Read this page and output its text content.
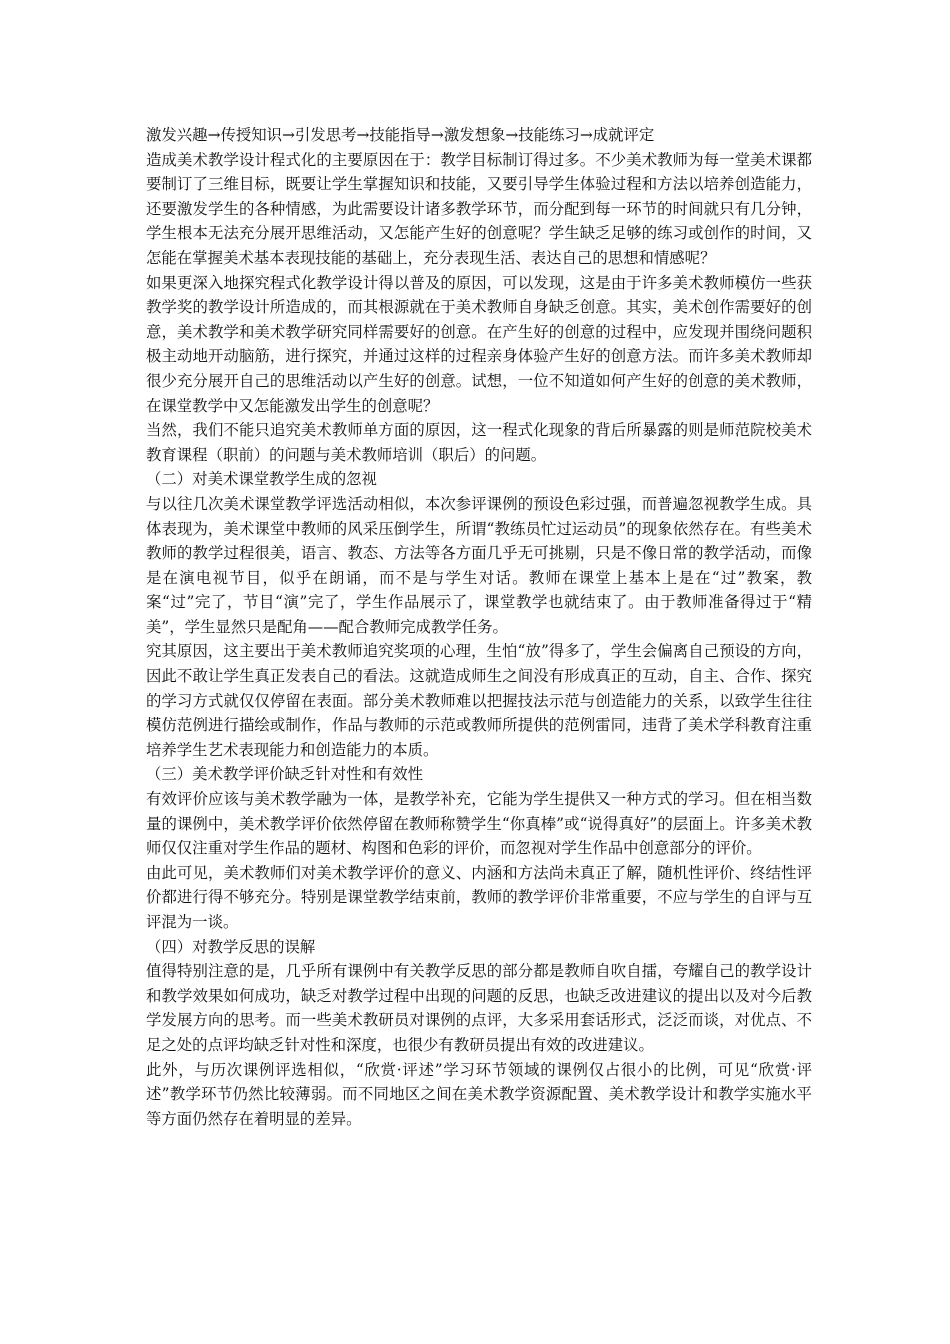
激发兴趣→传授知识→引发思考→技能指导→激发想象→技能练习→成就评定

造成美术教学设计程式化的主要原因在于：教学目标制订得过多。不少美术教师为每一堂美术课都要制订了三维目标，既要让学生掌握知识和技能，又要引导学生体验过程和方法以培养创造能力，还要激发学生的各种情感，为此需要设计诸多教学环节，而分配到每一环节的时间就只有几分钟，学生根本无法充分展开思维活动，又怎能产生好的创意呢？学生缺乏足够的练习或创作的时间，又怎能在掌握美术基本表现技能的基础上，充分表现生活、表达自己的思想和情感呢？

如果更深入地探究程式化教学设计得以普及的原因，可以发现，这是由于许多美术教师模仿一些获教学奖的教学设计所造成的，而其根源就在于美术教师自身缺乏创意。其实，美术创作需要好的创意，美术教学和美术教学研究同样需要好的创意。在产生好的创意的过程中，应发现并围绕问题积极主动地开动脑筋，进行探究，并通过这样的过程亲身体验产生好的创意方法。而许多美术教师却很少充分展开自己的思维活动以产生好的创意。试想，一位不知道如何产生好的创意的美术教师，在课堂教学中又怎能激发出学生的创意呢？

当然，我们不能只追究美术教师单方面的原因，这一程式化现象的背后所暴露的则是师范院校美术教育课程（职前）的问题与美术教师培训（职后）的问题。

（二）对美术课堂教学生成的忽视

与以往几次美术课堂教学评选活动相似，本次参评课例的预设色彩过强，而普遍忽视教学生成。具体表现为，美术课堂中教师的风采压倒学生，所谓“教练员忙过运动员”的现象依然存在。有些美术教师的教学过程很美，语言、教态、方法等各方面几乎无可挑剔，只是不像日常的教学活动，而像是在演电视节目，似乎在朗诵，而不是与学生对话。教师在课堂上基本上是在“过”教案，教案“过”完了，节目“演”完了，学生作品展示了，课堂教学也就结束了。由于教师准备得过于“精美”，学生显然只是配角——配合教师完成教学任务。

究其原因，这主要出于美术教师追究奖项的心理，生怕“放”得多了，学生会偏离自己预设的方向，因此不敢让学生真正发表自己的看法。这就造成师生之间没有形成真正的互动，自主、合作、探究的学习方式就仅仅停留在表面。部分美术教师难以把握技法示范与创造能力的关系，以致学生往往模仿范例进行描绘或制作，作品与教师的示范或教师所提供的范例雷同，违背了美术学科教育注重培养学生艺术表现能力和创造能力的本质。

（三）美术教学评价缺乏针对性和有效性

有效评价应该与美术教学融为一体，是教学补充，它能为学生提供又一种方式的学习。但在相当数量的课例中，美术教学评价依然停留在教师称赞学生“你真棒”或“说得真好”的层面上。许多美术教师仅仅注重对学生作品的题材、构图和色彩的评价，而忽视对学生作品中创意部分的评价。

由此可见，美术教师们对美术教学评价的意义、内涵和方法尚未真正了解，随机性评价、终结性评价都进行得不够充分。特别是课堂教学结束前，教师的教学评价非常重要，不应与学生的自评与互评混为一谈。

（四）对教学反思的误解

值得特别注意的是，几乎所有课例中有关教学反思的部分都是教师自吹自擂，夸耀自己的教学设计和教学效果如何成功，缺乏对教学过程中出现的问题的反思，也缺乏改进建议的提出以及对今后教学发展方向的思考。而一些美术教研员对课例的点评，大多采用套话形式，泛泛而谈，对优点、不足之处的点评均缺乏针对性和深度，也很少有教研员提出有效的改进建议。

此外，与历次课例评选相似，“欣赏·评述”学习环节领域的课例仅占很小的比例，可见“欣赏·评述”教学环节仍然比较薄弱。而不同地区之间在美术教学资源配置、美术教学设计和教学实施水平等方面仍然存在着明显的差异。
